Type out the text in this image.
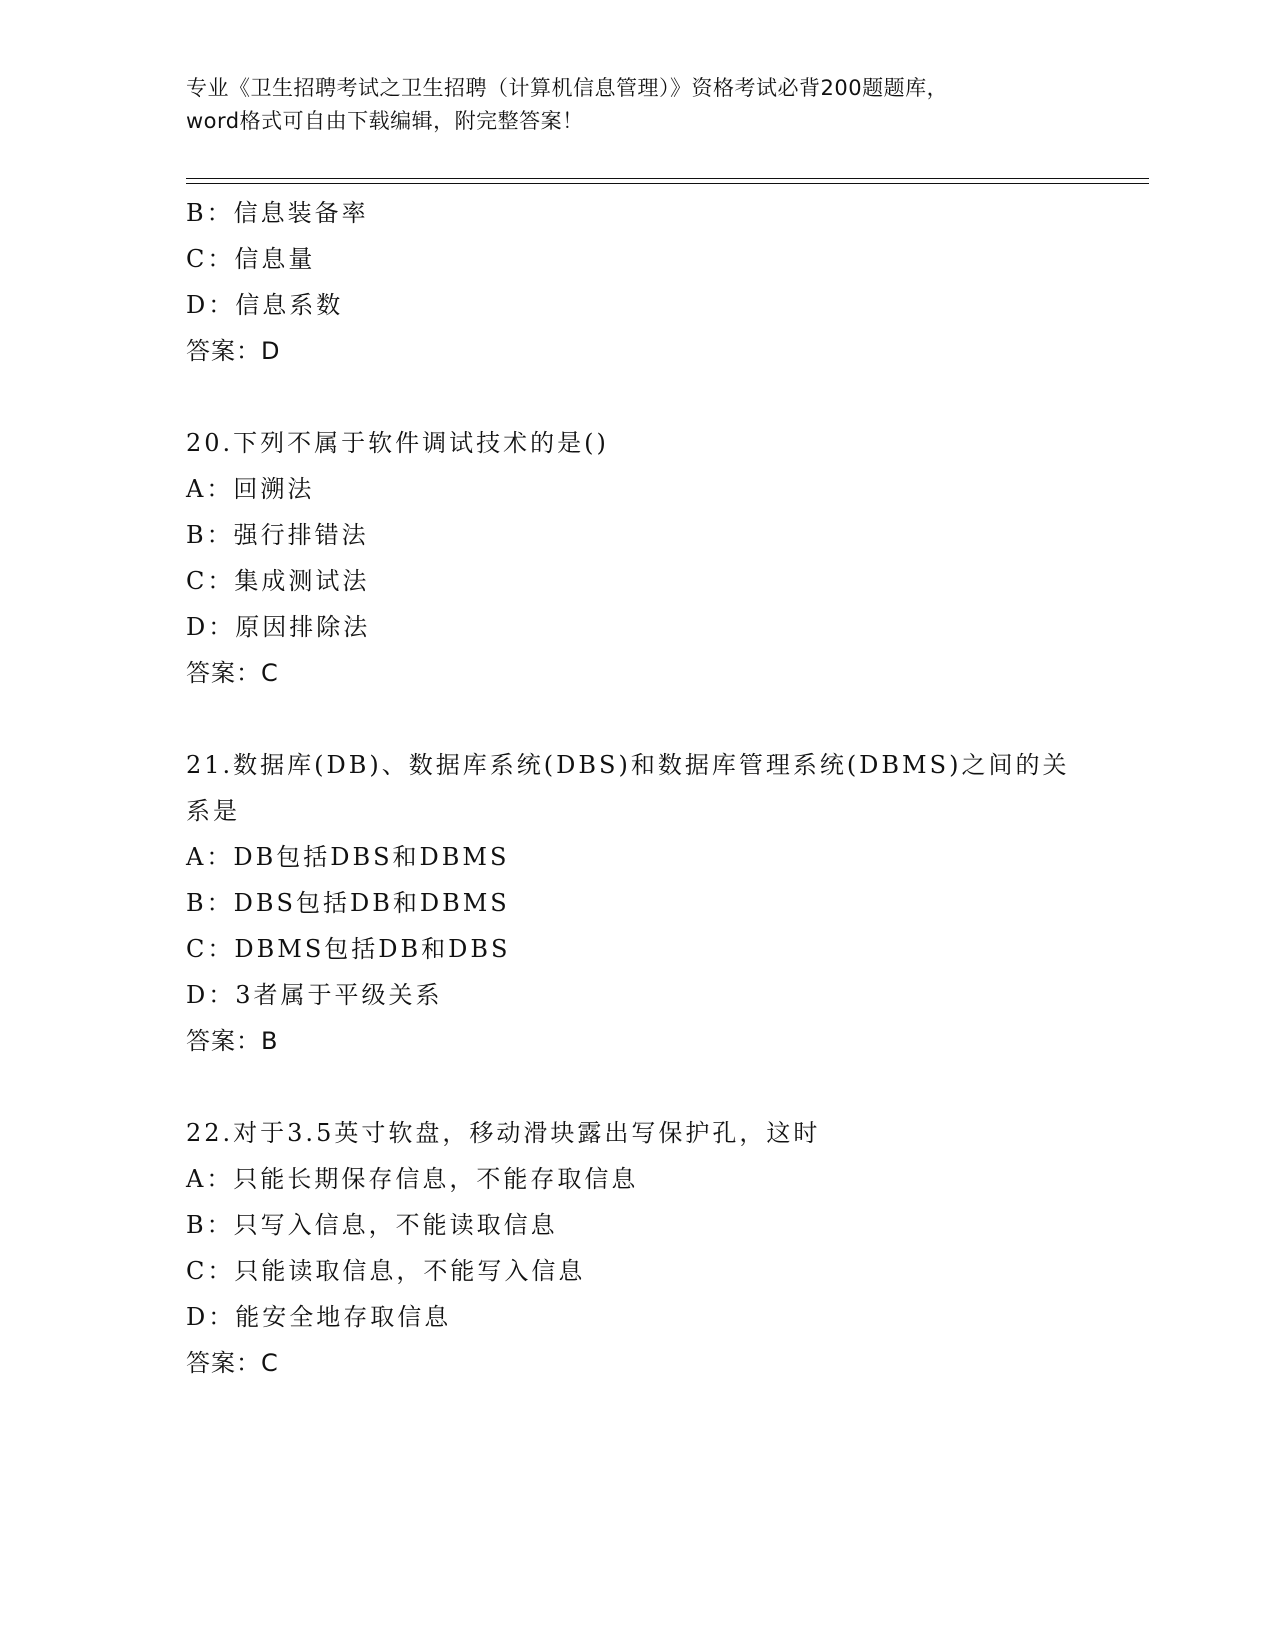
专业《卫生招聘考试之卫生招聘（计算机信息管理）》资格考试必背200题题库，
word格式可自由下载编辑，附完整答案！
B：信息装备率
C：信息量
D：信息系数
答案：D
20.下列不属于软件调试技术的是()
A：回溯法
B：强行排错法
C：集成测试法
D：原因排除法
答案：C
21.数据库(DB)、数据库系统(DBS)和数据库管理系统(DBMS)之间的关
系是
A：DB包括DBS和DBMS
B：DBS包括DB和DBMS
C：DBMS包括DB和DBS
D：3者属于平级关系
答案：B
22.对于3.5英寸软盘，移动滑块露出写保护孔，这时
A：只能长期保存信息，不能存取信息
B：只写入信息，不能读取信息
C：只能读取信息，不能写入信息
D：能安全地存取信息
答案：C
